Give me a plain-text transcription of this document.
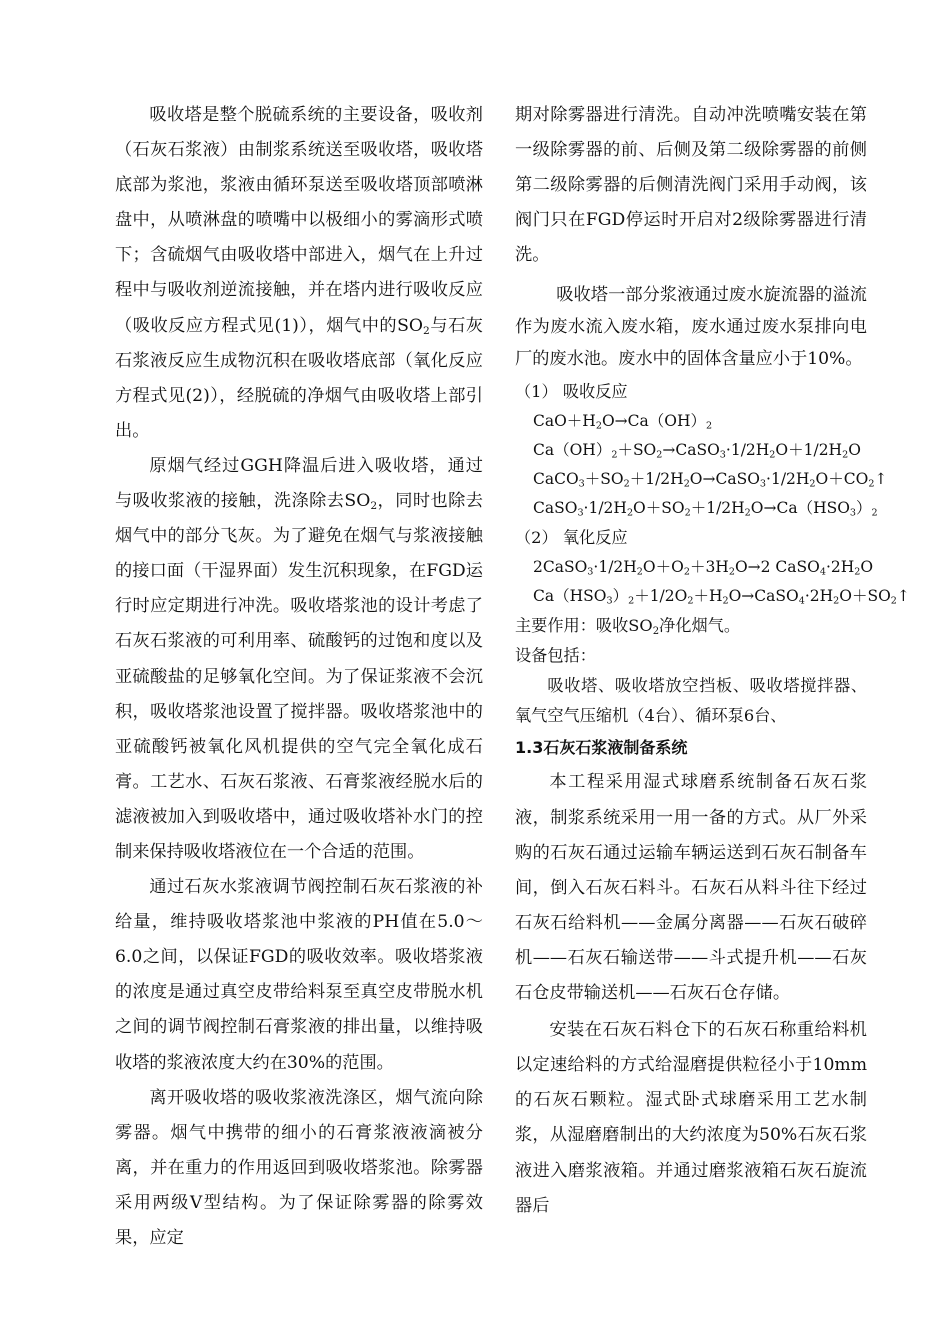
吸收塔是整个脱硫系统的主要设备，吸收剂（石灰石浆液）由制浆系统送至吸收塔，吸收塔底部为浆池，浆液由循环泵送至吸收塔顶部喷淋盘中，从喷淋盘的喷嘴中以极细小的雾滴形式喷下；含硫烟气由吸收塔中部进入，烟气在上升过程中与吸收剂逆流接触，并在塔内进行吸收反应（吸收反应方程式见(1)），烟气中的$SO_2$与石灰石浆液反应生成物沉积在吸收塔底部（氧化反应方程式见(2)），经脱硫的净烟气由吸收塔上部引出。

原烟气经过GGH降温后进入吸收塔，通过与吸收浆液的接触，洗涤除去$SO_2$，同时也除去烟气中的部分飞灰。为了避免在烟气与浆液接触的接口面（干湿界面）发生沉积现象，在FGD运行时应定期进行冲洗。吸收塔浆池的设计考虑了石灰石浆液的可利用率、硫酸钙的过饱和度以及亚硫酸盐的足够氧化空间。为了保证浆液不会沉积，吸收塔浆池设置了搅拌器。吸收塔浆池中的亚硫酸钙被氧化风机提供的空气完全氧化成石膏。工艺水、石灰石浆液、石膏浆液经脱水后的滤液被加入到吸收塔中，通过吸收塔补水门的控制来保持吸收塔液位在一个合适的范围。

通过石灰水浆液调节阀控制石灰石浆液的补给量，维持吸收塔浆池中浆液的PH值在5.0～6.0之间，以保证FGD的吸收效率。吸收塔浆液的浓度是通过真空皮带给料泵至真空皮带脱水机之间的调节阀控制石膏浆液的排出量，以维持吸收塔的浆液浓度大约在30%的范围。

离开吸收塔的吸收浆液洗涤区，烟气流向除雾器。烟气中携带的细小的石膏浆液液滴被分离，并在重力的作用返回到吸收塔浆池。除雾器采用两级V型结构。为了保证除雾器的除雾效果，应定

期对除雾器进行清洗。自动冲洗喷嘴安装在第一级除雾器的前、后侧及第二级除雾器的前侧第二级除雾器的后侧清洗阀门采用手动阀，该阀门只在FGD停运时开启对2级除雾器进行清洗。

吸收塔一部分浆液通过废水旋流器的溢流作为废水流入废水箱，废水通过废水泵排向电厂的废水池。废水中的固体含量应小于10%。

（1） 吸收反应

$CaO+H_2O\to Ca(OH)_2$

$Ca(OH)_2+SO_2\to CaSO_3\cdot 1/2H_2O+1/2H_2O$

$CaCO_3+SO_2+1/2H_2O\to CaSO_3\cdot 1/2H_2O+CO_2↑$

$CaSO_3\cdot 1/2H_2O+SO_2+1/2H_2O\to Ca(HSO_3)_2$

（2） 氧化反应

$2CaSO_3\cdot 1/2H_2O+O_2+3H_2O\to 2$ $CaSO_4\cdot 2H_2O$

$Ca(HSO_3)_2+1/2O_2+H_2O\to CaSO_4\cdot 2H_2O+SO_2↑$

主要作用：吸收$SO_2$净化烟气。

设备包括：

吸收塔、吸收塔放空挡板、吸收塔搅拌器、氧气空气压缩机（4台）、循环泵6台、

1.3石灰石浆液制备系统

本工程采用湿式球磨系统制备石灰石浆液，制浆系统采用一用一备的方式。从厂外采购的石灰石通过运输车辆运送到石灰石制备车间，倒入石灰石料斗。石灰石从料斗往下经过石灰石给料机——金属分离器——石灰石破碎机——石灰石输送带——斗式提升机——石灰石仓皮带输送机——石灰石仓存储。

安装在石灰石料仓下的石灰石称重给料机以定速给料的方式给湿磨提供粒径小于10mm的石灰石颗粒。湿式卧式球磨采用工艺水制浆，从湿磨磨制出的大约浓度为50%石灰石浆液进入磨浆液箱。并通过磨浆液箱石灰石旋流器后
